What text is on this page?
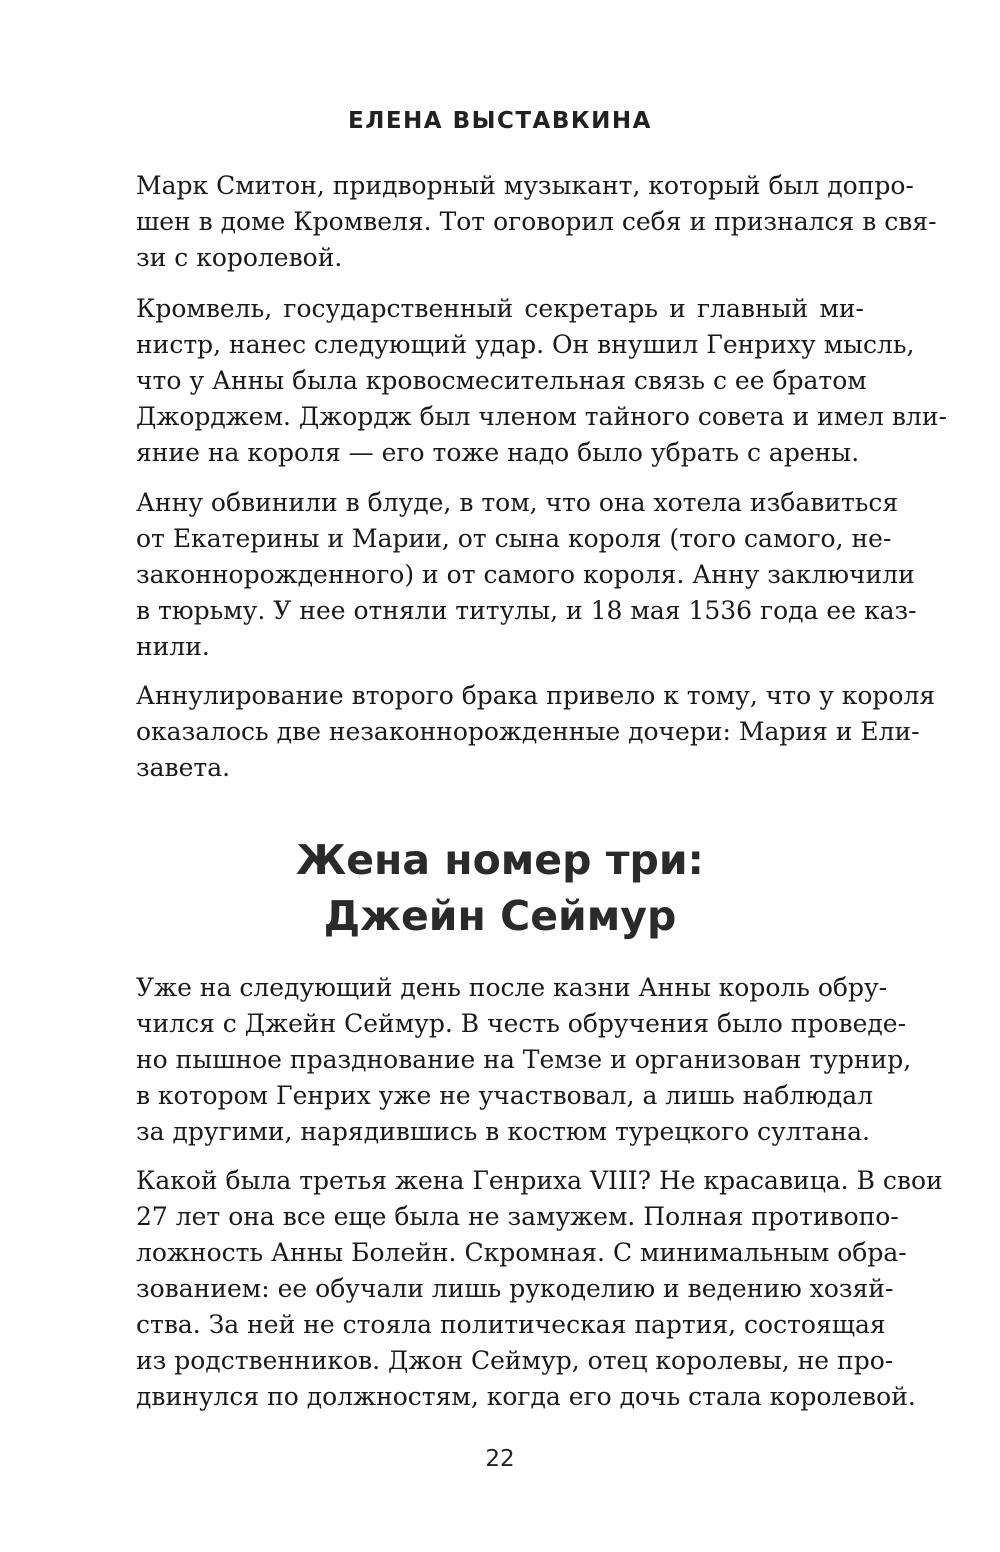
ЕЛЕНА ВЫСТАВКИНА
Марк Смитон, придворный музыкант, который был допро-
шен в доме Кромвеля. Тот оговорил себя и признался в свя-
зи с королевой.
Кромвель, государственный секретарь и главный ми-
нистр, нанес следующий удар. Он внушил Генриху мысль,
что у Анны была кровосмесительная связь с ее братом
Джорджем. Джордж был членом тайного совета и имел вли-
яние на короля — его тоже надо было убрать с арены.
Анну обвинили в блуде, в том, что она хотела избавиться
от Екатерины и Марии, от сына короля (того самого, не-
законнорожденного) и от самого короля. Анну заключили
в тюрьму. У нее отняли титулы, и 18 мая 1536 года ее каз-
нили.
Аннулирование второго брака привело к тому, что у короля
оказалось две незаконнорожденные дочери: Мария и Ели-
завета.
Жена номер три:
Джейн Сеймур
Уже на следующий день после казни Анны король обру-
чился с Джейн Сеймур. В честь обручения было проведе-
но пышное празднование на Темзе и организован турнир,
в котором Генрих уже не участвовал, а лишь наблюдал
за другими, нарядившись в костюм турецкого султана.
Какой была третья жена Генриха VIII? Не красавица. В свои
27 лет она все еще была не замужем. Полная противопо-
ложность Анны Болейн. Скромная. С минимальным обра-
зованием: ее обучали лишь рукоделию и ведению хозяй-
ства. За ней не стояла политическая партия, состоящая
из родственников. Джон Сеймур, отец королевы, не про-
двинулся по должностям, когда его дочь стала королевой.
22
